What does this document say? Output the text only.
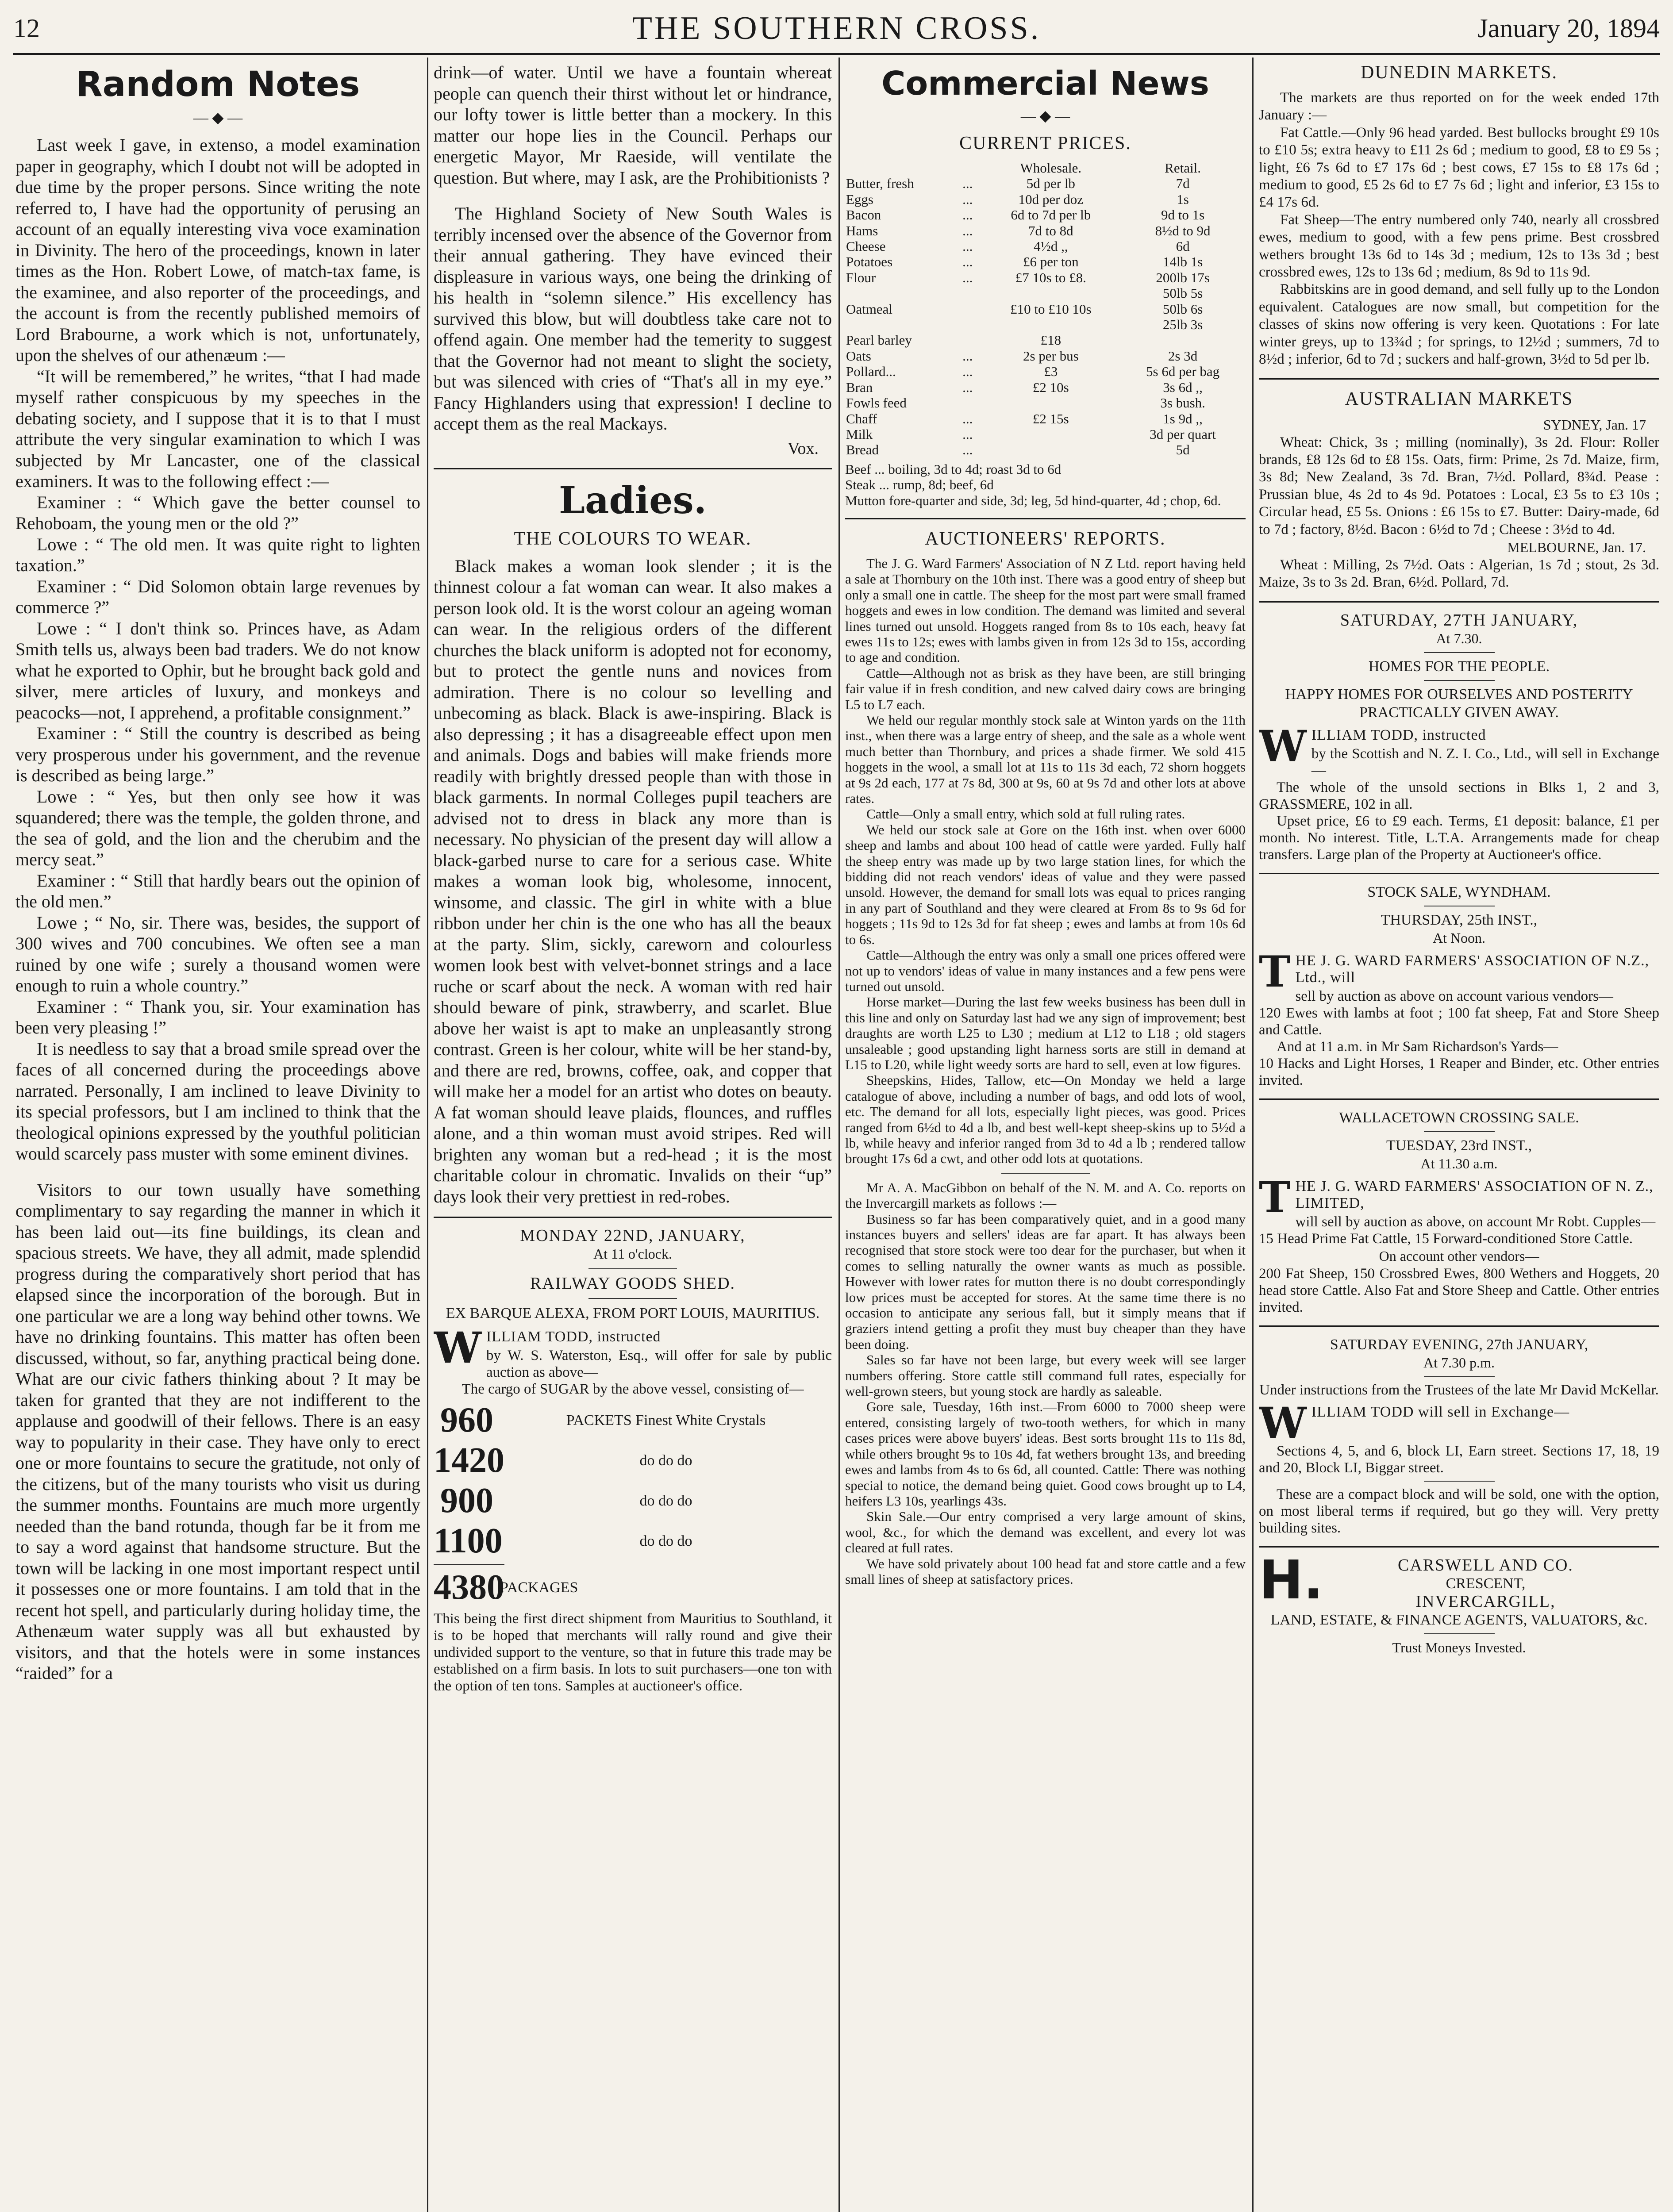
12	THE SOUTHERN CROSS.	January 20, 1894
Random Notes
— ◆ —

Last week I gave, in extenso, a model examination paper in geography, which I doubt not will be adopted in due time by the proper persons. Since writing the note referred to, I have had the opportunity of perusing an account of an equally interesting viva voce examination in Divinity. The hero of the proceedings, known in later times as the Hon. Robert Lowe, of match-tax fame, is the examinee, and also reporter of the proceedings, and the account is from the recently published memoirs of Lord Brabourne, a work which is not, unfortunately, upon the shelves of our athenæum :—

“It will be remembered,” he writes, “that I had made myself rather conspicuous by my speeches in the debating society, and I suppose that it is to that I must attribute the very singular examination to which I was subjected by Mr Lancaster, one of the classical examiners. It was to the following effect :—

Examiner : “ Which gave the better counsel to Rehoboam, the young men or the old ?”

Lowe : “ The old men. It was quite right to lighten taxation.”

Examiner : “ Did Solomon obtain large revenues by commerce ?”

Lowe : “ I don't think so. Princes have, as Adam Smith tells us, always been bad traders. We do not know what he exported to Ophir, but he brought back gold and silver, mere articles of luxury, and monkeys and peacocks—not, I apprehend, a profitable consignment.”

Examiner : “ Still the country is described as being very prosperous under his government, and the revenue is described as being large.”

Lowe : “ Yes, but then only see how it was squandered; there was the temple, the golden throne, and the sea of gold, and the lion and the cherubim and the mercy seat.”

Examiner : “ Still that hardly bears out the opinion of the old men.”

Lowe ; “ No, sir. There was, besides, the support of 300 wives and 700 concubines. We often see a man ruined by one wife ; surely a thousand women were enough to ruin a whole country.”

Examiner : “ Thank you, sir. Your examination has been very pleasing !”

It is needless to say that a broad smile spread over the faces of all concerned during the proceedings above narrated. Personally, I am inclined to leave Divinity to its special professors, but I am inclined to think that the theological opinions expressed by the youthful politician would scarcely pass muster with some eminent divines.

Visitors to our town usually have something complimentary to say regarding the manner in which it has been laid out—its fine buildings, its clean and spacious streets. We have, they all admit, made splendid progress during the comparatively short period that has elapsed since the incorporation of the borough. But in one particular we are a long way behind other towns. We have no drinking fountains. This matter has often been discussed, without, so far, anything practical being done. What are our civic fathers thinking about ? It may be taken for granted that they are not indifferent to the applause and goodwill of their fellows. There is an easy way to popularity in their case. They have only to erect one or more fountains to secure the gratitude, not only of the citizens, but of the many tourists who visit us during the summer months. Fountains are much more urgently needed than the band rotunda, though far be it from me to say a word against that handsome structure. But the town will be lacking in one most important respect until it possesses one or more fountains. I am told that in the recent hot spell, and particularly during holiday time, the Athenæum water supply was all but exhausted by visitors, and that the hotels were in some instances “raided” for a

drink—of water. Until we have a fountain whereat people can quench their thirst without let or hindrance, our lofty tower is little better than a mockery. In this matter our hope lies in the Council. Perhaps our energetic Mayor, Mr Raeside, will ventilate the question. But where, may I ask, are the Prohibitionists ?

The Highland Society of New South Wales is terribly incensed over the absence of the Governor from their annual gathering. They have evinced their displeasure in various ways, one being the drinking of his health in “solemn silence.” His excellency has survived this blow, but will doubtless take care not to offend again. One member had the temerity to suggest that the Governor had not meant to slight the society, but was silenced with cries of “That's all in my eye.” Fancy Highlanders using that expression! I decline to accept them as the real Mackays.

Vox.
Ladies.
THE COLOURS TO WEAR.

Black makes a woman look slender ; it is the thinnest colour a fat woman can wear. It also makes a person look old. It is the worst colour an ageing woman can wear. In the religious orders of the different churches the black uniform is adopted not for economy, but to protect the gentle nuns and novices from admiration. There is no colour so levelling and unbecoming as black. Black is awe-inspiring. Black is also depressing ; it has a disagreeable effect upon men and animals. Dogs and babies will make friends more readily with brightly dressed people than with those in black garments. In normal Colleges pupil teachers are advised not to dress in black any more than is necessary. No physician of the present day will allow a black-garbed nurse to care for a serious case. White makes a woman look big, wholesome, innocent, winsome, and classic. The girl in white with a blue ribbon under her chin is the one who has all the beaux at the party. Slim, sickly, careworn and colourless women look best with velvet-bonnet strings and a lace ruche or scarf about the neck. A woman with red hair should beware of pink, strawberry, and scarlet. Blue above her waist is apt to make an unpleasantly strong contrast. Green is her colour, white will be her stand-by, and there are red, browns, coffee, oak, and copper that will make her a model for an artist who dotes on beauty. A fat woman should leave plaids, flounces, and ruffles alone, and a thin woman must avoid stripes. Red will brighten any woman but a red-head ; it is the most charitable colour in chromatic. Invalids on their “up” days look their very prettiest in red-robes.

MONDAY 22ND, JANUARY,

At 11 o'clock.

RAILWAY GOODS SHED.

EX BARQUE ALEXA, FROM PORT LOUIS, MAURITIUS.

W ILLIAM TODD, instructed

by W. S. Waterston, Esq., will offer for sale by public auction as above—

The cargo of SUGAR by the above vessel, consisting of—

960	PACKETS Finest White Crystals
1420	do do do
900	do do do
1100	do do do
4380
PACKAGES

This being the first direct shipment from Mauritius to Southland, it is to be hoped that merchants will rally round and give their undivided support to the venture, so that in future this trade may be established on a firm basis. In lots to suit purchasers—one ton with the option of ten tons. Samples at auctioneer's office.

Commercial News
— ◆ —
CURRENT PRICES.
		Wholesale.	Retail.
Butter, fresh	...	5d per lb	7d
Eggs	...	10d per doz	1s
Bacon	...	6d to 7d per lb	9d to 1s
Hams	...	7d to 8d	8½d to 9d
Cheese	...	4½d ,,	6d
Potatoes	...	£6 per ton	14lb 1s
Flour	...	£7 10s to £8.	200lb 17s
			50lb 5s
Oatmeal		£10 to £10 10s	50lb 6s
			25lb 3s
Pearl barley		£18	
Oats	...	2s per bus	2s 3d
Pollard...	...	£3	5s 6d per bag
Bran	...	£2 10s	3s 6d ,,
Fowls feed			3s bush.
Chaff	...	£2 15s	1s 9d ,,
Milk	...		3d per quart
Bread	...		5d

Beef ... boiling, 3d to 4d; roast 3d to 6d

Steak ... rump, 8d; beef, 6d

Mutton fore-quarter and side, 3d; leg, 5d hind-quarter, 4d ; chop, 6d.

AUCTIONEERS' REPORTS.

The J. G. Ward Farmers' Association of N Z Ltd. report having held a sale at Thornbury on the 10th inst. There was a good entry of sheep but only a small one in cattle. The sheep for the most part were small framed hoggets and ewes in low condition. The demand was limited and several lines turned out unsold. Hoggets ranged from 8s to 10s each, heavy fat ewes 11s to 12s; ewes with lambs given in from 12s 3d to 15s, according to age and condition.

Cattle—Although not as brisk as they have been, are still bringing fair value if in fresh condition, and new calved dairy cows are bringing L5 to L7 each.

We held our regular monthly stock sale at Winton yards on the 11th inst., when there was a large entry of sheep, and the sale as a whole went much better than Thornbury, and prices a shade firmer. We sold 415 hoggets in the wool, a small lot at 11s to 11s 3d each, 72 shorn hoggets at 9s 2d each, 177 at 7s 8d, 300 at 9s, 60 at 9s 7d and other lots at above rates.

Cattle—Only a small entry, which sold at full ruling rates.

We held our stock sale at Gore on the 16th inst. when over 6000 sheep and lambs and about 100 head of cattle were yarded. Fully half the sheep entry was made up by two large station lines, for which the bidding did not reach vendors' ideas of value and they were passed unsold. However, the demand for small lots was equal to prices ranging in any part of Southland and they were cleared at From 8s to 9s 6d for hoggets ; 11s 9d to 12s 3d for fat sheep ; ewes and lambs at from 10s 6d to 6s.

Cattle—Although the entry was only a small one prices offered were not up to vendors' ideas of value in many instances and a few pens were turned out unsold.

Horse market—During the last few weeks business has been dull in this line and only on Saturday last had we any sign of improvement; best draughts are worth L25 to L30 ; medium at L12 to L18 ; old stagers unsaleable ; good upstanding light harness sorts are still in demand at L15 to L20, while light weedy sorts are hard to sell, even at low figures.

Sheepskins, Hides, Tallow, etc—On Monday we held a large catalogue of above, including a number of bags, and odd lots of wool, etc. The demand for all lots, especially light pieces, was good. Prices ranged from 6½d to 4d a lb, and best well-kept sheep-skins up to 5½d a lb, while heavy and inferior ranged from 3d to 4d a lb ; rendered tallow brought 17s 6d a cwt, and other odd lots at quotations.

Mr A. A. MacGibbon on behalf of the N. M. and A. Co. reports on the Invercargill markets as follows :—

Business so far has been comparatively quiet, and in a good many instances buyers and sellers' ideas are far apart. It has always been recognised that store stock were too dear for the purchaser, but when it comes to selling naturally the owner wants as much as possible. However with lower rates for mutton there is no doubt correspondingly low prices must be accepted for stores. At the same time there is no occasion to anticipate any serious fall, but it simply means that if graziers intend getting a profit they must buy cheaper than they have been doing.

Sales so far have not been large, but every week will see larger numbers offering. Store cattle still command full rates, especially for well-grown steers, but young stock are hardly as saleable.

Gore sale, Tuesday, 16th inst.—From 6000 to 7000 sheep were entered, consisting largely of two-tooth wethers, for which in many cases prices were above buyers' ideas. Best sorts brought 11s to 11s 8d, while others brought 9s to 10s 4d, fat wethers brought 13s, and breeding ewes and lambs from 4s to 6s 6d, all counted. Cattle: There was nothing special to notice, the demand being quiet. Good cows brought up to L4, heifers L3 10s, yearlings 43s.

Skin Sale.—Our entry comprised a very large amount of skins, wool, &c., for which the demand was excellent, and every lot was cleared at full rates.

We have sold privately about 100 head fat and store cattle and a few small lines of sheep at satisfactory prices.

DUNEDIN MARKETS.

The markets are thus reported on for the week ended 17th January :—

Fat Cattle.—Only 96 head yarded. Best bullocks brought £9 10s to £10 5s; extra heavy to £11 2s 6d ; medium to good, £8 to £9 5s ; light, £6 7s 6d to £7 17s 6d ; best cows, £7 15s to £8 17s 6d ; medium to good, £5 2s 6d to £7 7s 6d ; light and inferior, £3 15s to £4 17s 6d.

Fat Sheep—The entry numbered only 740, nearly all crossbred ewes, medium to good, with a few pens prime. Best crossbred wethers brought 13s 6d to 14s 3d ; medium, 12s to 13s 3d ; best crossbred ewes, 12s to 13s 6d ; medium, 8s 9d to 11s 9d.

Rabbitskins are in good demand, and sell fully up to the London equivalent. Catalogues are now small, but competition for the classes of skins now offering is very keen. Quotations : For late winter greys, up to 13¾d ; for springs, to 12½d ; summers, 7d to 8½d ; inferior, 6d to 7d ; suckers and half-grown, 3½d to 5d per lb.

AUSTRALIAN MARKETS

SYDNEY, Jan. 17

Wheat: Chick, 3s ; milling (nominally), 3s 2d. Flour: Roller brands, £8 12s 6d to £8 15s. Oats, firm: Prime, 2s 7d. Maize, firm, 3s 8d; New Zealand, 3s 7d. Bran, 7½d. Pollard, 8¾d. Pease : Prussian blue, 4s 2d to 4s 9d. Potatoes : Local, £3 5s to £3 10s ; Circular head, £5 5s. Onions : £6 15s to £7. Butter: Dairy-made, 6d to 7d ; factory, 8½d. Bacon : 6½d to 7d ; Cheese : 3½d to 4d.

MELBOURNE, Jan. 17.

Wheat : Milling, 2s 7½d. Oats : Algerian, 1s 7d ; stout, 2s 3d. Maize, 3s to 3s 2d. Bran, 6½d. Pollard, 7d.

SATURDAY, 27TH JANUARY,

At 7.30.

HOMES FOR THE PEOPLE.

HAPPY HOMES FOR OURSELVES AND POSTERITY PRACTICALLY GIVEN AWAY.

W ILLIAM TODD, instructed

by the Scottish and N. Z. I. Co., Ltd., will sell in Exchange—

The whole of the unsold sections in Blks 1, 2 and 3, GRASSMERE, 102 in all.

Upset price, £6 to £9 each. Terms, £1 deposit: balance, £1 per month. No interest. Title, L.T.A. Arrangements made for cheap transfers. Large plan of the Property at Auctioneer's office.

STOCK SALE, WYNDHAM.

THURSDAY, 25th INST.,

At Noon.

T HE J. G. WARD FARMERS' ASSOCIATION OF N.Z., Ltd., will

sell by auction as above on account various vendors—

120 Ewes with lambs at foot ; 100 fat sheep, Fat and Store Sheep and Cattle.

And at 11 a.m. in Mr Sam Richardson's Yards—

10 Hacks and Light Horses, 1 Reaper and Binder, etc. Other entries invited.

WALLACETOWN CROSSING SALE.

TUESDAY, 23rd INST.,

At 11.30 a.m.

T HE J. G. WARD FARMERS' ASSOCIATION OF N. Z., LIMITED,

will sell by auction as above, on account Mr Robt. Cupples—

15 Head Prime Fat Cattle, 15 Forward-conditioned Store Cattle.

On account other vendors—

200 Fat Sheep, 150 Crossbred Ewes, 800 Wethers and Hoggets, 20 head store Cattle. Also Fat and Store Sheep and Cattle. Other entries invited.

SATURDAY EVENING, 27th JANUARY,

At 7.30 p.m.

Under instructions from the Trustees of the late Mr David McKellar.

W ILLIAM TODD will sell in Exchange—

Sections 4, 5, and 6, block LI, Earn street. Sections 17, 18, 19 and 20, Block LI, Biggar street.

These are a compact block and will be sold, one with the option, on most liberal terms if required, but go they will. Very pretty building sites.

H.	CARSWELL AND CO.

CRESCENT,

INVERCARGILL,

LAND, ESTATE, & FINANCE AGENTS, VALUATORS, &c.

Trust Moneys Invested.
